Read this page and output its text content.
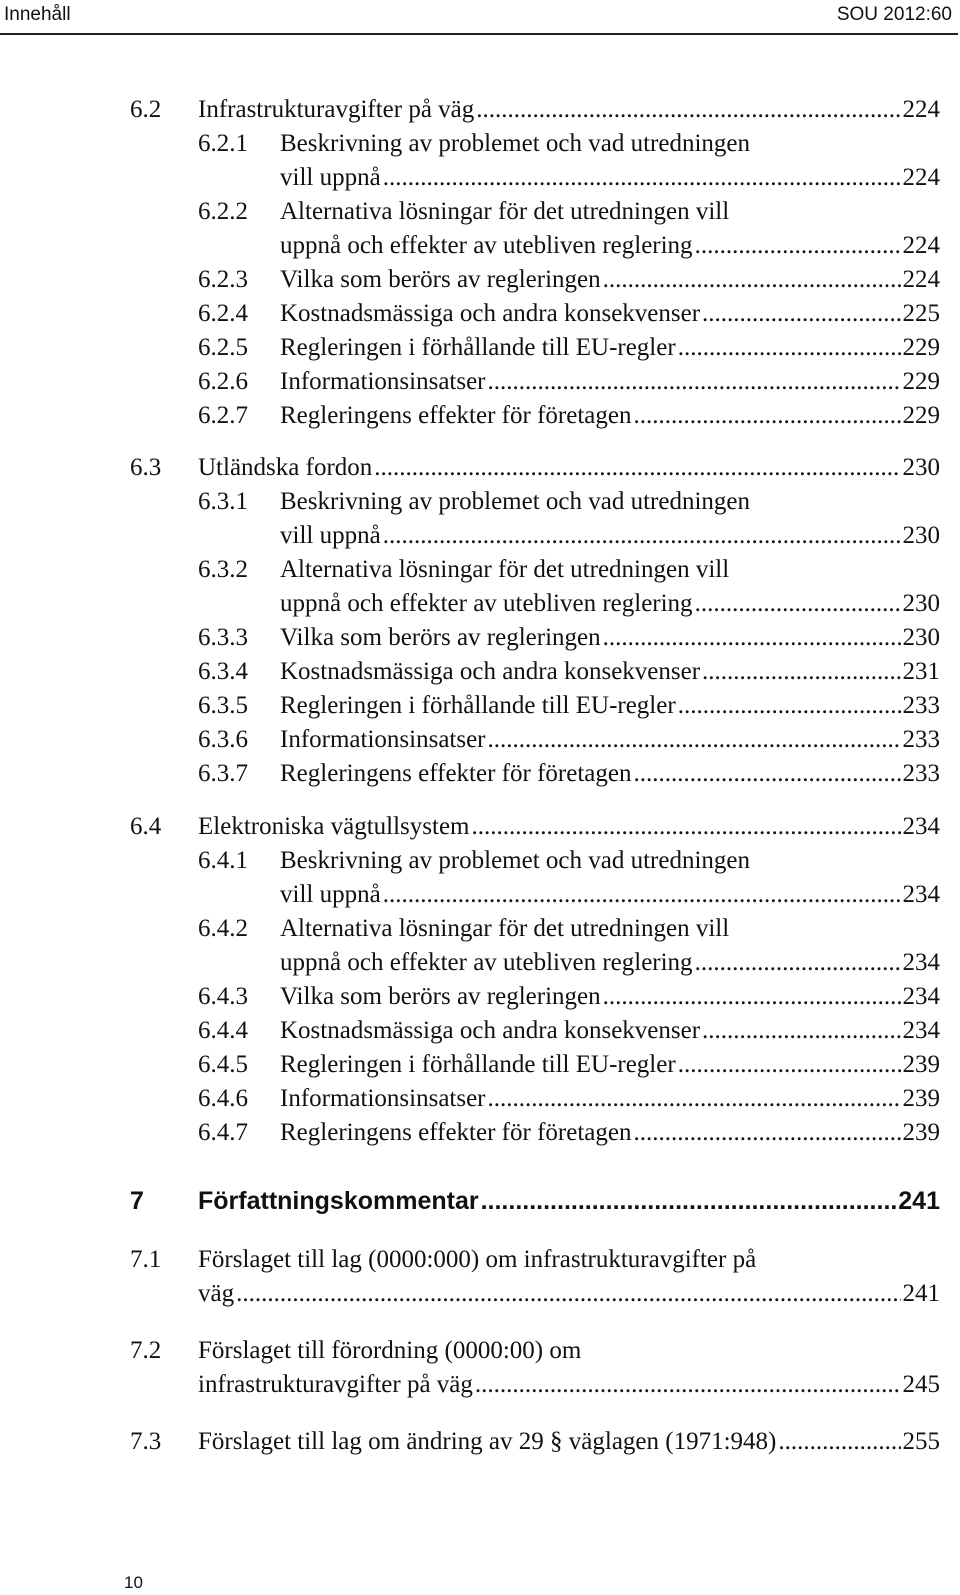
Innehåll	SOU 2012:60
6.2 Infrastrukturavgifter på väg .....	224
6.2.1 Beskrivning av problemet och vad utredningen
vill uppnå .....	224
6.2.2 Alternativa lösningar för det utredningen vill
uppnå och effekter av utebliven reglering .....	224
6.2.3 Vilka som berörs av regleringen .....	224
6.2.4 Kostnadsmässiga och andra konsekvenser .....	225
6.2.5 Regleringen i förhållande till EU-regler .....	229
6.2.6 Informationsinsatser .....	229
6.2.7 Regleringens effekter för företagen .....	229
6.3 Utländska fordon .....	230
6.3.1 Beskrivning av problemet och vad utredningen
vill uppnå .....	230
6.3.2 Alternativa lösningar för det utredningen vill
uppnå och effekter av utebliven reglering .....	230
6.3.3 Vilka som berörs av regleringen .....	230
6.3.4 Kostnadsmässiga och andra konsekvenser .....	231
6.3.5 Regleringen i förhållande till EU-regler .....	233
6.3.6 Informationsinsatser .....	233
6.3.7 Regleringens effekter för företagen .....	233
6.4 Elektroniska vägtullsystem .....	234
6.4.1 Beskrivning av problemet och vad utredningen
vill uppnå .....	234
6.4.2 Alternativa lösningar för det utredningen vill
uppnå och effekter av utebliven reglering .....	234
6.4.3 Vilka som berörs av regleringen .....	234
6.4.4 Kostnadsmässiga och andra konsekvenser .....	234
6.4.5 Regleringen i förhållande till EU-regler .....	239
6.4.6 Informationsinsatser .....	239
6.4.7 Regleringens effekter för företagen .....	239
7 Författningskommentar .....	241
7.1 Förslaget till lag (0000:000) om infrastrukturavgifter på
väg .....	241
7.2 Förslaget till förordning (0000:00) om
infrastrukturavgifter på väg .....	245
7.3 Förslaget till lag om ändring av 29 § väglagen (1971:948) .....	255
10
